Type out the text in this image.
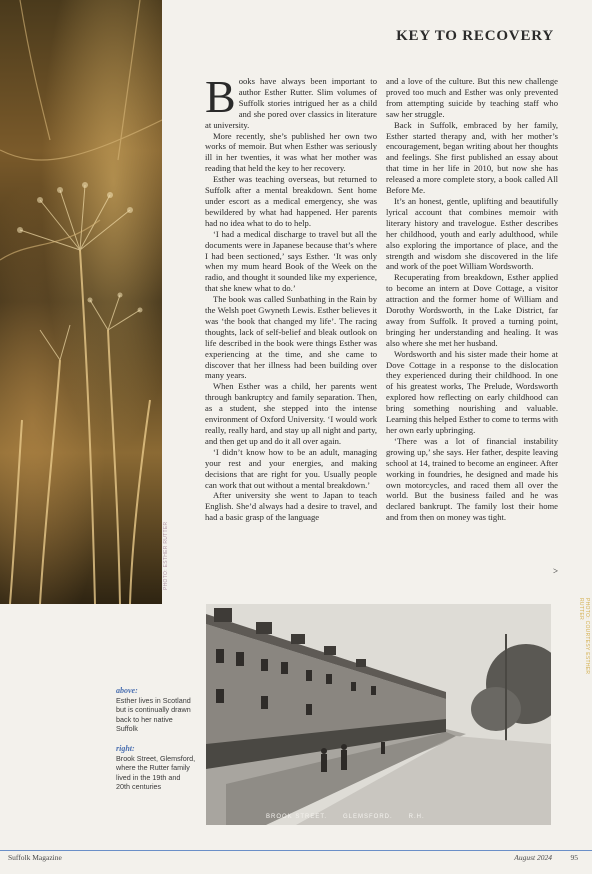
PHOTO: ESTHER RUTTER
KEY TO RECOVERY

Books have always been important to author Esther Rutter. Slim volumes of Suffolk stories intrigued her as a child and she pored over classics in literature at university.

More recently, she’s published her own two works of memoir. But when Esther was seriously ill in her twenties, it was what her mother was reading that held the key to her recovery.

Esther was teaching overseas, but returned to Suffolk after a mental breakdown. Sent home under escort as a medical emergency, she was bewildered by what had happened. Her parents had no idea what to do to help.

‘I had a medical discharge to travel but all the documents were in Japanese because that’s where I had been sectioned,’ says Esther. ‘It was only when my mum heard Book of the Week on the radio, and thought it sounded like my experience, that she knew what to do.’

The book was called Sunbathing in the Rain by the Welsh poet Gwyneth Lewis. Esther believes it was ‘the book that changed my life’. The racing thoughts, lack of self-belief and bleak outlook on life described in the book were things Esther was experiencing at the time, and she came to discover that her illness had been building over many years.

When Esther was a child, her parents went through bankruptcy and family separation. Then, as a student, she stepped into the intense environment of Oxford University. ‘I would work really, really hard, and stay up all night and party, and then get up and do it all over again.

‘I didn’t know how to be an adult, managing your rest and your energies, and making decisions that are right for you. Usually people can work that out without a mental breakdown.’

After university she went to Japan to teach English. She’d always had a desire to travel, and had a basic grasp of the language

and a love of the culture. But this new challenge proved too much and Esther was only prevented from attempting suicide by teaching staff who saw her struggle.

Back in Suffolk, embraced by her family, Esther started therapy and, with her mother’s encouragement, began writing about her thoughts and feelings. She first published an essay about that time in her life in 2010, but now she has released a more complete story, a book called All Before Me.

It’s an honest, gentle, uplifting and beautifully lyrical account that combines memoir with literary history and travelogue. Esther describes her childhood, youth and early adulthood, while also exploring the importance of place, and the strength and wisdom she discovered in the life and work of the poet William Wordsworth.

Recuperating from breakdown, Esther applied to become an intern at Dove Cottage, a visitor attraction and the former home of William and Dorothy Wordsworth, in the Lake District, far away from Suffolk. It proved a turning point, bringing her understanding and healing. It was also where she met her husband.

Wordsworth and his sister made their home at Dove Cottage in a response to the dislocation they experienced during their childhood. In one of his greatest works, The Prelude, Wordsworth explored how reflecting on early childhood can bring something nourishing and valuable. Learning this helped Esther to come to terms with her own early upbringing.

‘There was a lot of financial instability growing up,’ she says. Her father, despite leaving school at 14, trained to become an engineer. After working in foundries, he designed and made his own motorcycles, and raced them all over the world. But the business failed and he was declared bankrupt. The family lost their home and from then on money was tight.

>
PHOTO: COURTESY ESTHER RUTTER
BROOK STREET.      GLEMSFORD.      R.H.
above:
Esther lives in Scotland but is continually drawn back to her native Suffolk
right:
Brook Street, Glemsford, where the Rutter family lived in the 19th and 20th centuries
Suffolk Magazine	August 2024 95
